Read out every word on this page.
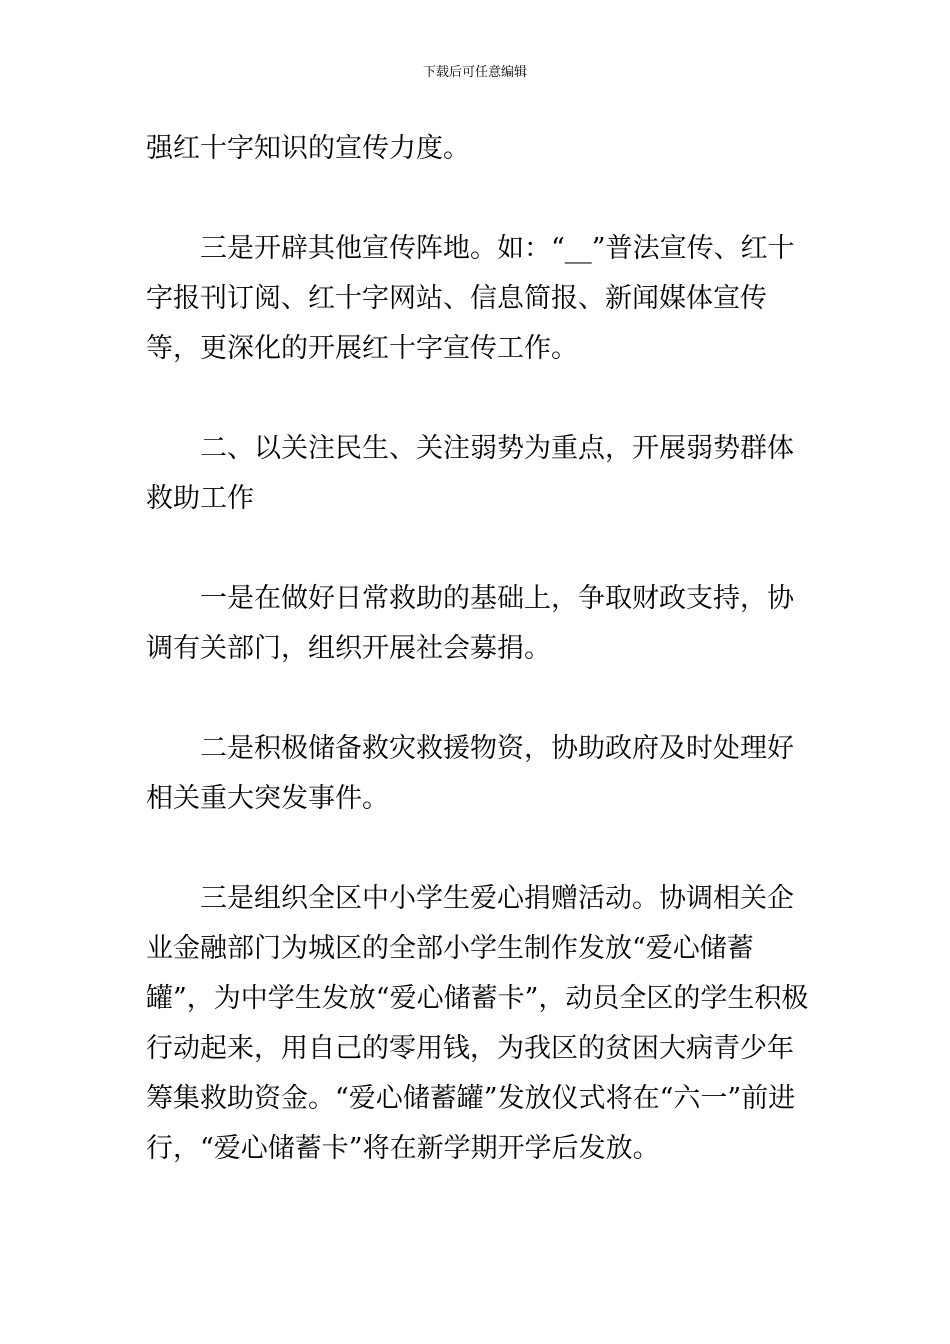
下载后可任意编辑

强红十字知识的宣传力度。

三是开辟其他宣传阵地。如：“__”普法宣传、红十字报刊订阅、红十字网站、信息简报、新闻媒体宣传等，更深化的开展红十字宣传工作。

二、以关注民生、关注弱势为重点，开展弱势群体救助工作

一是在做好日常救助的基础上，争取财政支持，协调有关部门，组织开展社会募捐。

二是积极储备救灾救援物资，协助政府及时处理好相关重大突发事件。

三是组织全区中小学生爱心捐赠活动。协调相关企业金融部门为城区的全部小学生制作发放“爱心储蓄罐”，为中学生发放“爱心储蓄卡”，动员全区的学生积极行动起来，用自己的零用钱，为我区的贫困大病青少年筹集救助资金。“爱心储蓄罐”发放仪式将在“六一”前进行，“爱心储蓄卡”将在新学期开学后发放。
